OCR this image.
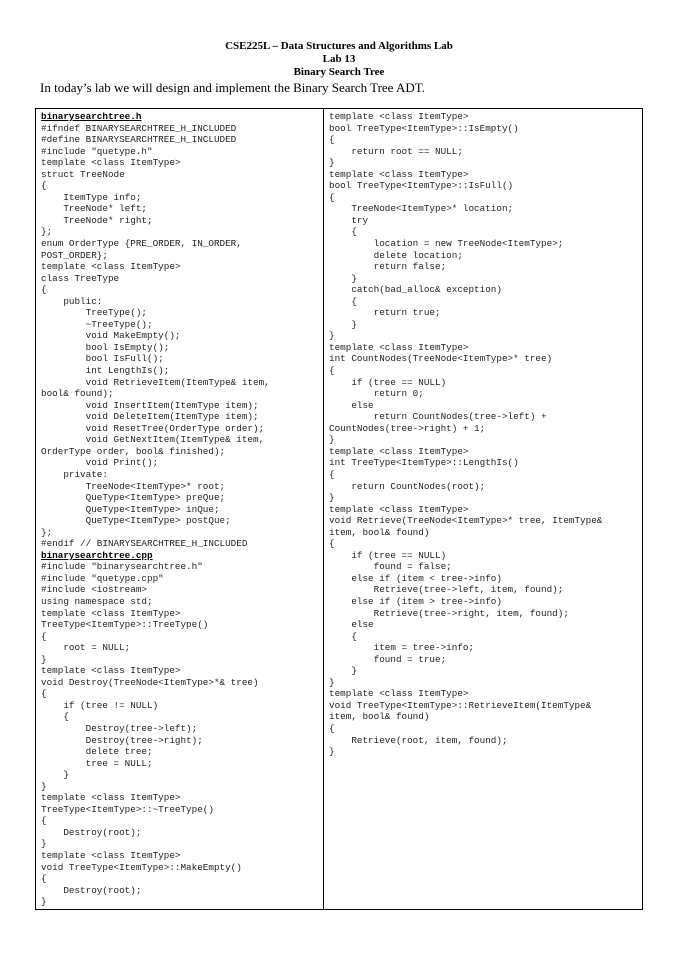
CSE225L – Data Structures and Algorithms Lab
Lab 13
Binary Search Tree
In today’s lab we will design and implement the Binary Search Tree ADT.
binarysearchtree.h
#ifndef BINARYSEARCHTREE_H_INCLUDED
#define BINARYSEARCHTREE_H_INCLUDED
#include "quetype.h"
template <class ItemType>
struct TreeNode
{
ItemType info;
TreeNode* left;
TreeNode* right;
};
enum OrderType {PRE_ORDER, IN_ORDER,
POST_ORDER};
template <class ItemType>
class TreeType
{
public:
TreeType();
~TreeType();
void MakeEmpty();
bool IsEmpty();
bool IsFull();
int LengthIs();
void RetrieveItem(ItemType& item,
bool& found);
void InsertItem(ItemType item);
void DeleteItem(ItemType item);
void ResetTree(OrderType order);
void GetNextItem(ItemType& item,
OrderType order, bool& finished);
void Print();
private:
TreeNode<ItemType>* root;
QueType<ItemType> preQue;
QueType<ItemType> inQue;
QueType<ItemType> postQue;
};
#endif // BINARYSEARCHTREE_H_INCLUDED
binarysearchtree.cpp
#include "binarysearchtree.h"
#include "quetype.cpp"
#include <iostream>
using namespace std;
template <class ItemType>
TreeType<ItemType>::TreeType()
{
root = NULL;
}
template <class ItemType>
void Destroy(TreeNode<ItemType>*& tree)
{
if (tree != NULL)
{
Destroy(tree->left);
Destroy(tree->right);
delete tree;
tree = NULL;
}
}
template <class ItemType>
TreeType<ItemType>::~TreeType()
{
Destroy(root);
}
template <class ItemType>
void TreeType<ItemType>::MakeEmpty()
{
Destroy(root);
}
template <class ItemType>
bool TreeType<ItemType>::IsEmpty()
{
return root == NULL;
}
template <class ItemType>
bool TreeType<ItemType>::IsFull()
{
TreeNode<ItemType>* location;
try
{
location = new TreeNode<ItemType>;
delete location;
return false;
}
catch(bad_alloc& exception)
{
return true;
}
}
template <class ItemType>
int CountNodes(TreeNode<ItemType>* tree)
{
if (tree == NULL)
return 0;
else
return CountNodes(tree->left) +
CountNodes(tree->right) + 1;
}
template <class ItemType>
int TreeType<ItemType>::LengthIs()
{
return CountNodes(root);
}
template <class ItemType>
void Retrieve(TreeNode<ItemType>* tree, ItemType&
item, bool& found)
{
if (tree == NULL)
found = false;
else if (item < tree->info)
Retrieve(tree->left, item, found);
else if (item > tree->info)
Retrieve(tree->right, item, found);
else
{
item = tree->info;
found = true;
}
}
template <class ItemType>
void TreeType<ItemType>::RetrieveItem(ItemType&
item, bool& found)
{
Retrieve(root, item, found);
}
